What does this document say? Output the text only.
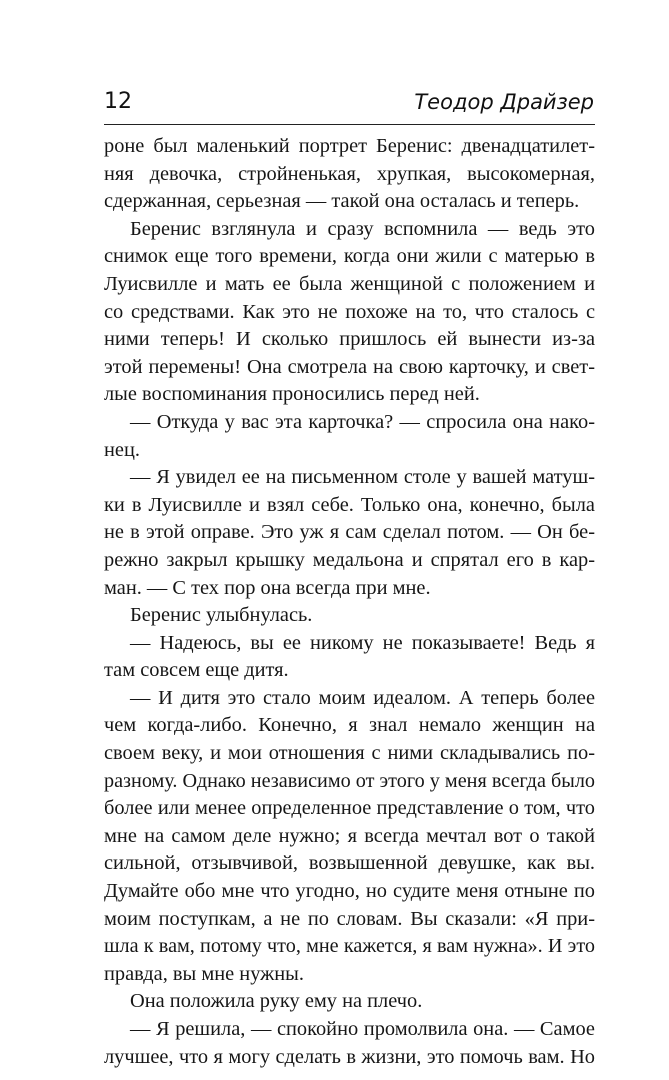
12	Теодор Драйзер
роне был маленький портрет Беренис: двенадцатилет-
няя девочка, стройненькая, хрупкая, высокомерная,
сдержанная, серьезная — такой она осталась и теперь.
Беренис взглянула и сразу вспомнила — ведь это
снимок еще того времени, когда они жили с матерью в
Луисвилле и мать ее была женщиной с положением и
со средствами. Как это не похоже на то, что сталось с
ними теперь! И сколько пришлось ей вынести из-за
этой перемены! Она смотрела на свою карточку, и свет-
лые воспоминания проносились перед ней.
— Откуда у вас эта карточка? — спросила она нако-
нец.
— Я увидел ее на письменном столе у вашей матуш-
ки в Луисвилле и взял себе. Только она, конечно, была
не в этой оправе. Это уж я сам сделал потом. — Он бе-
режно закрыл крышку медальона и спрятал его в кар-
ман. — С тех пор она всегда при мне.
Беренис улыбнулась.
— Надеюсь, вы ее никому не показываете! Ведь я
там совсем еще дитя.
— И дитя это стало моим идеалом. А теперь более
чем когда-либо. Конечно, я знал немало женщин на
своем веку, и мои отношения с ними складывались по-
разному. Однако независимо от этого у меня всегда было
более или менее определенное представление о том, что
мне на самом деле нужно; я всегда мечтал вот о такой
сильной, отзывчивой, возвышенной девушке, как вы.
Думайте обо мне что угодно, но судите меня отныне по
моим поступкам, а не по словам. Вы сказали: «Я при-
шла к вам, потому что, мне кажется, я вам нужна». И это
правда, вы мне нужны.
Она положила руку ему на плечо.
— Я решила, — спокойно промолвила она. — Самое
лучшее, что я могу сделать в жизни, это помочь вам. Но
